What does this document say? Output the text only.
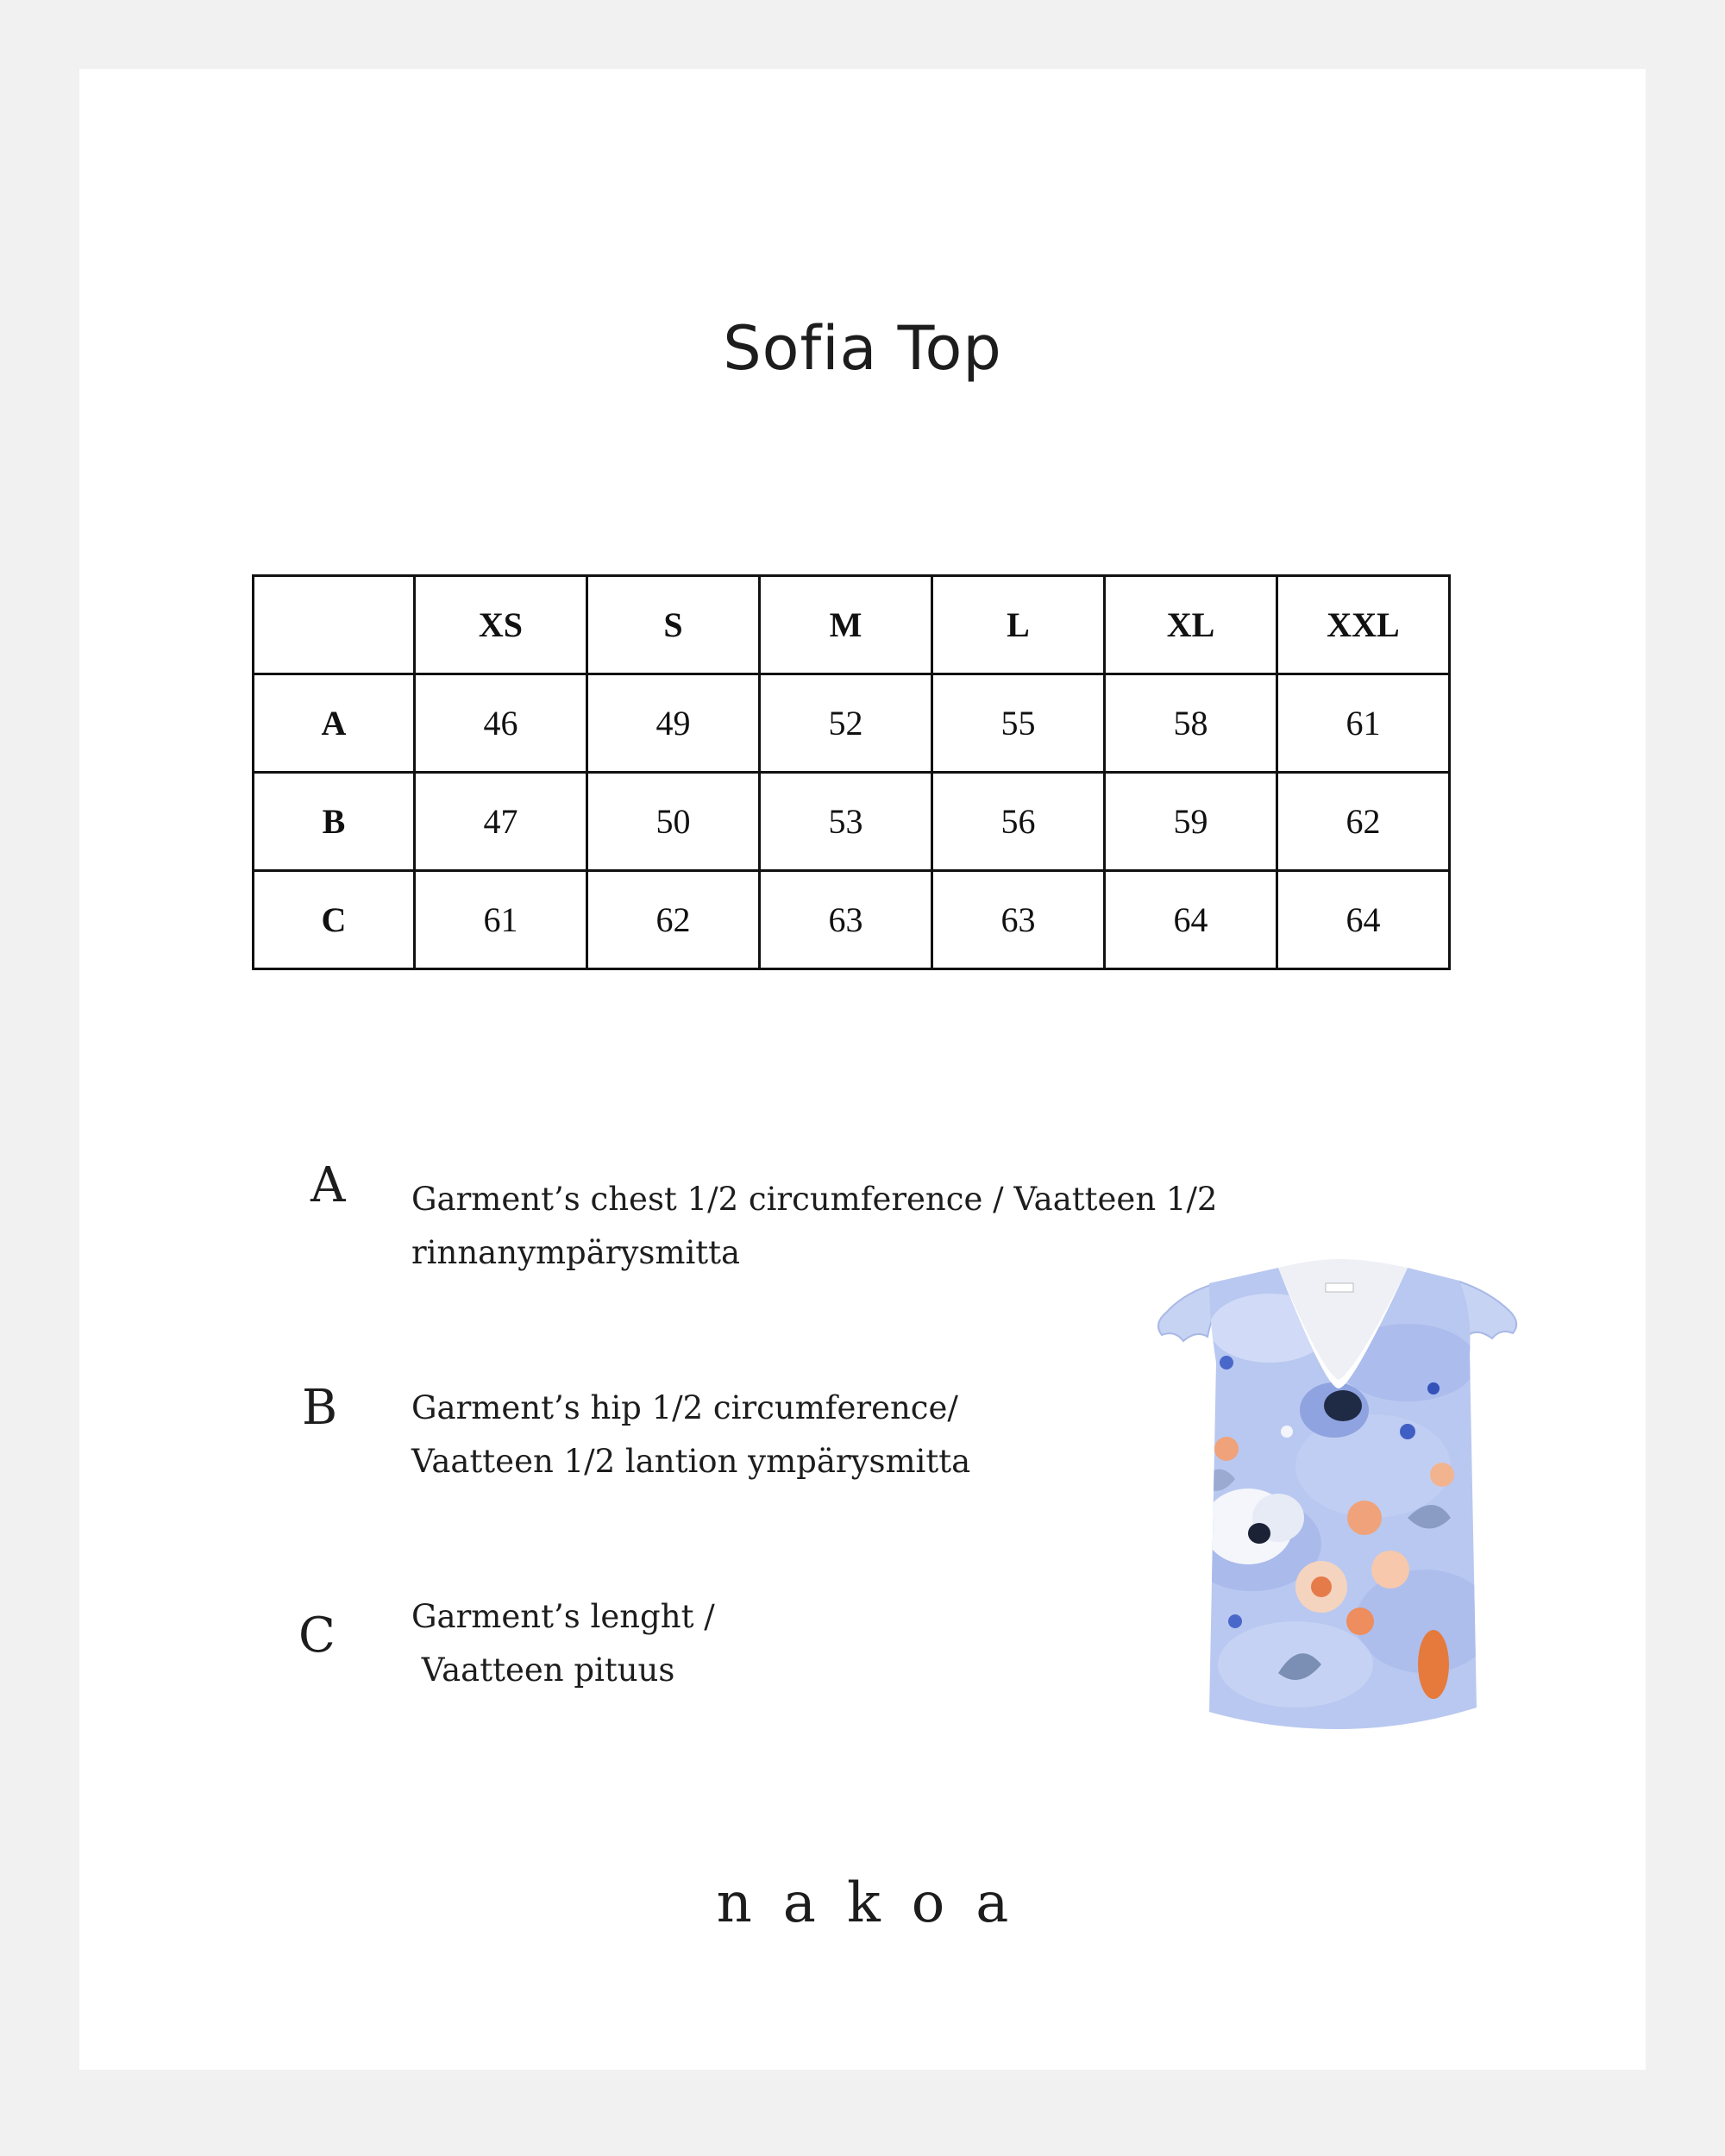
Sofia Top
	XS	S	M	L	XL	XXL
A	46	49	52	55	58	61
B	47	50	53	56	59	62
C	61	62	63	63	64	64
A Garment’s chest 1/2 circumference / Vaatteen 1/2
rinnanympärysmitta
B Garment’s hip 1/2 circumference/
Vaatteen 1/2 lantion ympärysmitta
C Garment’s lenght /
Vaatteen pituus
nakoa
